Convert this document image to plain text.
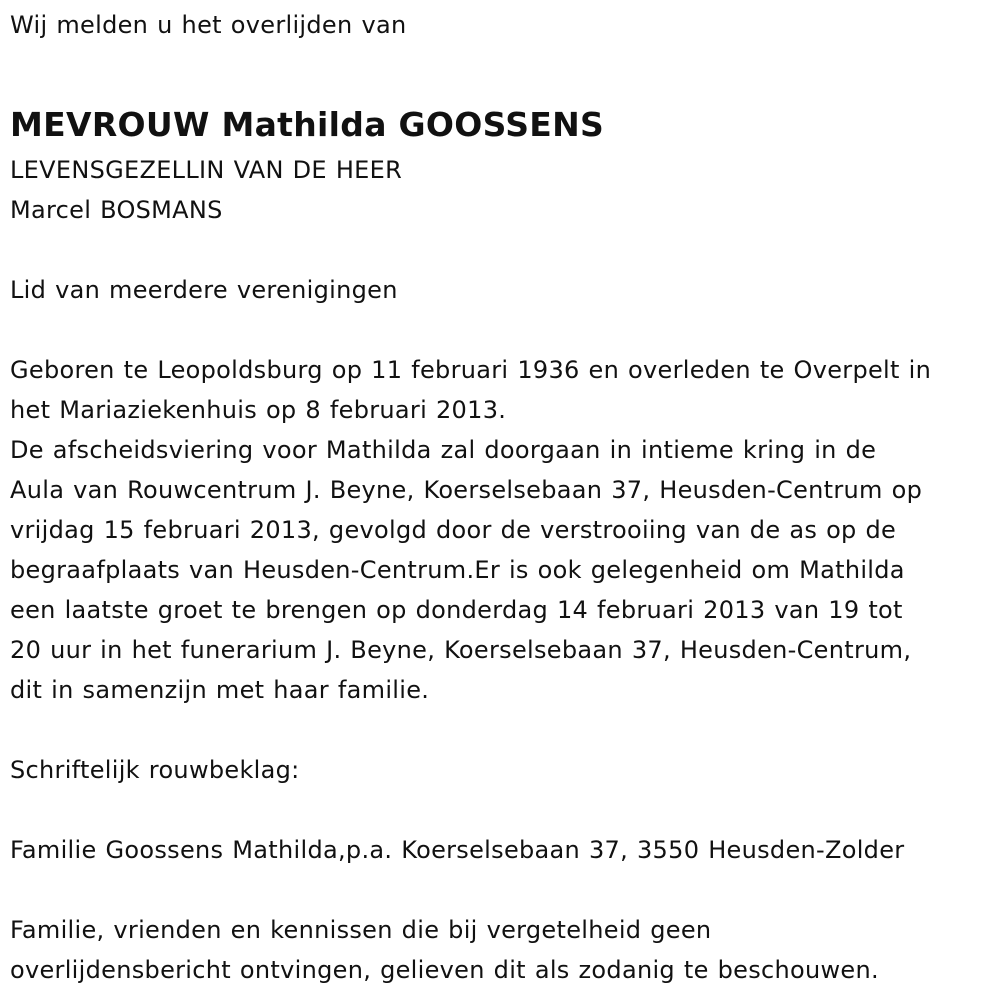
Wij melden u het overlijden van

MEVROUW Mathilda GOOSSENS

LEVENSGEZELLIN VAN DE HEER

Marcel BOSMANS

Lid van meerdere verenigingen

Geboren te Leopoldsburg op 11 februari 1936 en overleden te Overpelt in

het Mariaziekenhuis op 8 februari 2013.

De afscheidsviering voor Mathilda zal doorgaan in intieme kring in de

Aula van Rouwcentrum J. Beyne, Koerselsebaan 37, Heusden-Centrum op

vrijdag 15 februari 2013, gevolgd door de verstrooiing van de as op de

begraafplaats van Heusden-Centrum.Er is ook gelegenheid om Mathilda

een laatste groet te brengen op donderdag 14 februari 2013 van 19 tot

20 uur in het funerarium J. Beyne, Koerselsebaan 37, Heusden-Centrum,

dit in samenzijn met haar familie.

Schriftelijk rouwbeklag:

Familie Goossens Mathilda,p.a. Koerselsebaan 37, 3550 Heusden-Zolder

Familie, vrienden en kennissen die bij vergetelheid geen

overlijdensbericht ontvingen, gelieven dit als zodanig te beschouwen.
